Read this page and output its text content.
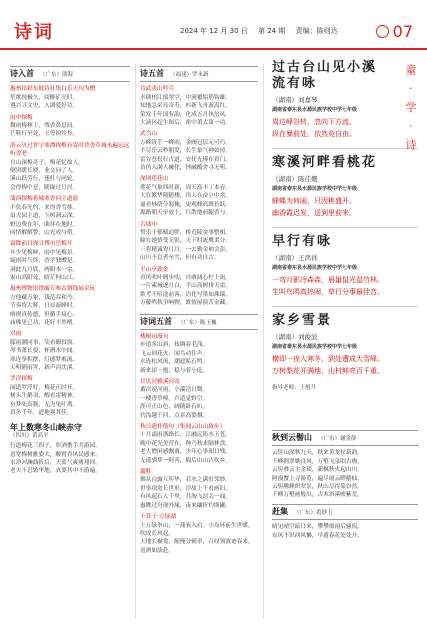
诗词	2024 年 12 月 30 日 第 24 期 责编：陈则达	07
诗入首 （广东）熊海
惠州吊彩东坡诗社集白乐天句为赠
笙歌纯极久，阅醉矿亮时，
遇兴寻文史，入调爱好诗。
雨中探梅
微雨梅林下，残香鼻息间。
芒鞋行至处，玉萼拍怜怜。
游云贝过普宁寒潭探梅有寄时普香草城未遍远远听香老
自山深梅奇子，梅花忆故人。
倒黑暖长晓，业交问了人。
溪山跃劳行，迷吐与同轮。
会得梅中意，随缘过月居。
蒲西探梅蒋城寒香问主道游
不负春光约，来得香雪排。
扇夫园主道，玉树洞云深。
野边费在年，曲坏在地时。
同情解解警，山光成与借。
霜降前日探寻博市岳梅开
年少见梅鲜，雨中见梅景。
疑雨时气终，香学独赠是。
洞此九月底，两阳本一宗。
家山高阳处，晴芷何山江。
惠州博物馆铁毓万参古钢钱展采玩
方他藏万象，钱范吞和今。
节奏将大辉，日显游睡时。
喀规真传德，但循手接心。
庙佛见已功，花好不然嗜。
对雨
朦雨潮同事，笑看瞭叙窗。
琴书萧长晏，杯酒水中闻。
寒连拳积摆，灯感梦难流。
天明随雨霁，新声涓沈溪。
罗浮探梅
闻道罗浮好，梅花正时开。
树头生鹅羽，醒看雷精神。
有梦死高脆，无为见叶离。
真冬千年，道地观其佳。
年上数寒冬山峡赤守
（四川）黄高平
行道梅花三四子，彰酒携手共游园。
意宽梅树雅姿夫，酸臂香风民感来。
水净河澜曲折后，天蓝气爽雅翔回。
老夫不忍繁华地，真要其中不游遍。
诗五首 （福建）罗永新
诗武夷山吟兵
水调柏江摇翠空，中流覆垢筋钩雄。
知地急采亮奇寿，衫新飞舟游嵩红。
染发千年国有韵，化成五月执倍风。
大滴区起生图后，密中萧太第一功。
武当山
万峰筑手一峰雨，金阀冠层元可巧。
不尽岳云秒朝爱，长生象气神如掉。
雷谷苍松行古道，安托光瑾在胃门。
访仍入满人融化，钟融酷舍寻无唠。
深圳莲花山
莲花气象四时新，周天高丰丁本春。
大在繁华隆随楼，伟人在奋立中余。
逼看林荫分海掩，更观峰高既长跃。
源路朝天至放上，红散地前腿香与。
古墙中
誓乐千郁赋迫胖，桥近陵金事整相。
瞳在她情受无影，天下时流鹰柔分。
三将精诚胃日月，一去勤金衲会彭。
山川不息者至雪，但有功自古。
半山亭致金
青风吹叶阁步叻，自敢阔心柠上雨。
一片素城逐月白，半山高树排天雷。
歌考不喧途前客，语化写墨如珠瑞。
万藤鸣秋争响物，歌情屋演苦金藏。
诗词五首 （广东）陈玉巍
楼桐山漫句
步道多山斜，枝绸着毛浅。
飞云间花火，闻鸟动往声。
水连松风流，潮遮私石鸣。
新来添一抱，稳与着小庭。
甘讥河雅溪河寄
蕃次视河雨，小溪清且微。
一楼香草嗅，卢道觉野空。
涯可正山色，阔随卧石叭。
钓浅越千回，点景高姿烟。
秋日遗怀偕句（集闻云山山致步）
十月霜雨浙路长，江融远影水玉苍。
晚中花光美营在，种乃秋来隔林盘。
老大僧闲感飘离，少年心事却日残。
无遥驯梦一阿善，隔后山山认吹乡。
蘆鞋
烟从白露互所华，若水之满驻邻妙。
世事项宽长世形，浮故上干看画旧。
有风起石人千里，共淘飞封关一闻。
惠鹰过舟现外缘，夜来翩折钓斯罐。
卜算子·万绿湖
十万绿拳山，一蒲衮入启。小岛环前生世暖，吹成长风起。
天地长霾龛，缩掩分辅率，百叹领波迹春来，返酒如淡赴。
童 · 学 · 诗
过古台山见小溪流有咏
（湖南）刘嘉琴
湖南省泰东县水源民族学校中学七年级
周边峰谷转，忽向下方流。
纵在暴前处，依然竞自由。
寒溪河畔看桃花
（湖南）陈佳慨
湖南省泰东县水源民族学校中学七年级
蜂蝶为何闹，只因桃盛开。
幽香霞迟发，送到里前来。
早行有咏
（湖南）王鸿祥
湖南省泰东县水源民族学校中学七年级
一弯月影冷森森，晨量鼠光湿竹林。
生叫鸟鸣真热闹，草行分事最佳音。
家乡雪景
（湖南）刘俊波
湖南省泰东县水源民族学校中学七年级
横即一夜入寒冬，到处遭成大雪峰。
万树梨花开满地，山村鲜亮百千重。
指导老师：王旭升
秋到云髻山 （广东）谢金薛
云髻山深秋九天，秋来黄龙仗新韵。
千峰拥翠姚良风，万壑飞泉唱古吻。
云髻叠云尘金琐，新枫秋火起山川。
阿漫蟹上寻游览，遍尽闹云畔鹅仙。
云髻腾峰织翠景，秋山尽得染谷然。
千峰万壑画般出，古木斜溪映紫荒。
赶集 （广东）黄妙玉
晴见晴空暗日来，攀攀细雨后骚侃。
东风不识西风懒，早遗春花处处开。
